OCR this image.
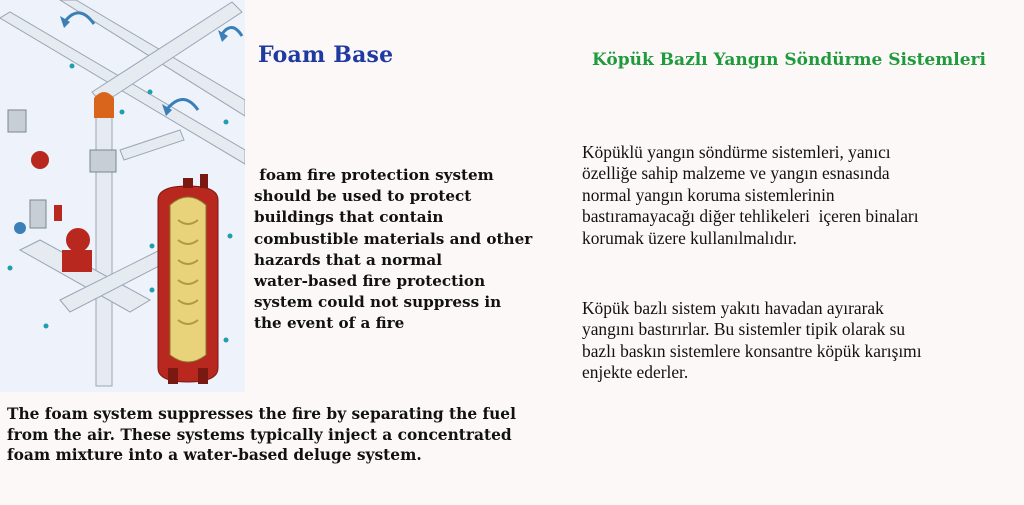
Foam Base	Köpük Bazlı Yangın Söndürme Sistemleri

foam fire protection system
should be used to protect
buildings that contain
combustible materials and other
hazards that a normal
water-based fire protection
system could not suppress in
the event of a fire

The foam system suppresses the fire by separating the fuel
from the air. These systems typically inject a concentrated
foam mixture into a water-based deluge system.

Köpüklü yangın söndürme sistemleri, yanıcı
özelliğe sahip malzeme ve yangın esnasında
normal yangın koruma sistemlerinin
bastıramayacağı diğer tehlikeleri  içeren binaları
korumak üzere kullanılmalıdır.

Köpük bazlı sistem yakıtı havadan ayırarak
yangını bastırırlar. Bu sistemler tipik olarak su
bazlı baskın sistemlere konsantre köpük karışımı
enjekte ederler.
